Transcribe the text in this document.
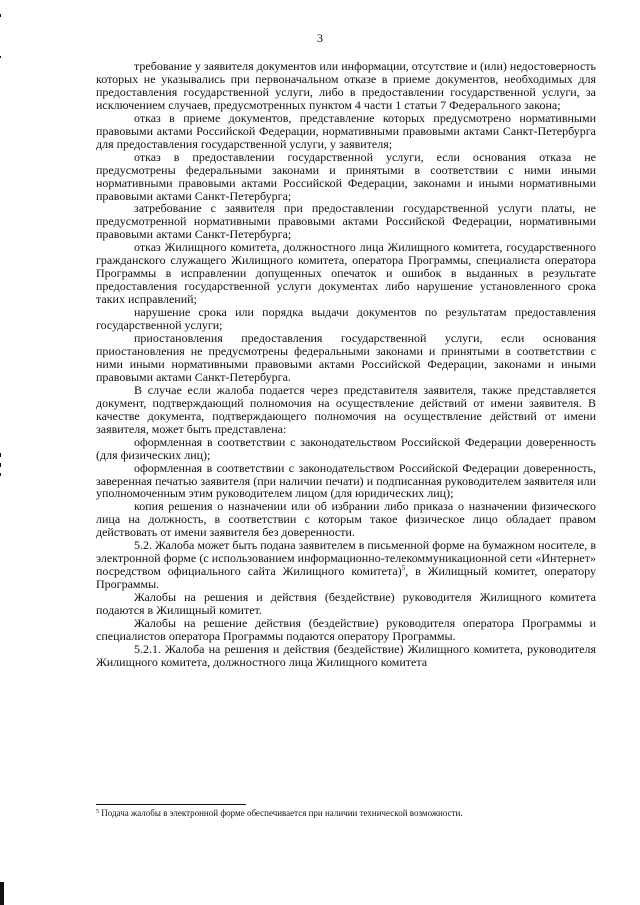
3

требование у заявителя документов или информации, отсутствие и (или) недостоверность которых не указывались при первоначальном отказе в приеме документов, необходимых для предоставления государственной услуги, либо в предоставлении государственной услуги, за исключением случаев, предусмотренных пунктом 4 части 1 статьи 7 Федерального закона;

отказ в приеме документов, представление которых предусмотрено нормативными правовыми актами Российской Федерации, нормативными правовыми актами Санкт-Петербурга для предоставления государственной услуги, у заявителя;

отказ в предоставлении государственной услуги, если основания отказа не предусмотрены федеральными законами и принятыми в соответствии с ними иными нормативными правовыми актами Российской Федерации, законами и иными нормативными правовыми актами Санкт-Петербурга;

затребование с заявителя при предоставлении государственной услуги платы, не предусмотренной нормативными правовыми актами Российской Федерации, нормативными правовыми актами Санкт-Петербурга;

отказ Жилищного комитета, должностного лица Жилищного комитета, государственного гражданского служащего Жилищного комитета, оператора Программы, специалиста оператора Программы в исправлении допущенных опечаток и ошибок в выданных в результате предоставления государственной услуги документах либо нарушение установленного срока таких исправлений;

нарушение срока или порядка выдачи документов по результатам предоставления государственной услуги;

приостановления предоставления государственной услуги, если основания приостановления не предусмотрены федеральными законами и принятыми в соответствии с ними иными нормативными правовыми актами Российской Федерации, законами и иными правовыми актами Санкт-Петербурга.

В случае если жалоба подается через представителя заявителя, также представляется документ, подтверждающий полномочия на осуществление действий от имени заявителя. В качестве документа, подтверждающего полномочия на осуществление действий от имени заявителя, может быть представлена:

оформленная в соответствии с законодательством Российской Федерации доверенность (для физических лиц);

оформленная в соответствии с законодательством Российской Федерации доверенность, заверенная печатью заявителя (при наличии печати) и подписанная руководителем заявителя или уполномоченным этим руководителем лицом (для юридических лиц);

копия решения о назначении или об избрании либо приказа о назначении физического лица на должность, в соответствии с которым такое физическое лицо обладает правом действовать от имени заявителя без доверенности.

5.2. Жалоба может быть подана заявителем в письменной форме на бумажном носителе, в электронной форме (с использованием информационно-телекоммуникационной сети «Интернет» посредством официального сайта Жилищного комитета)$^5$, в Жилищный комитет, оператору Программы.

Жалобы на решения и действия (бездействие) руководителя Жилищного комитета подаются в Жилищный комитет.

Жалобы на решение действия (бездействие) руководителя оператора Программы и специалистов оператора Программы подаются оператору Программы.

5.2.1. Жалоба на решения и действия (бездействие) Жилищного комитета, руководителя Жилищного комитета, должностного лица Жилищного комитета

$^5$ Подача жалобы в электронной форме обеспечивается при наличии технической возможности.
